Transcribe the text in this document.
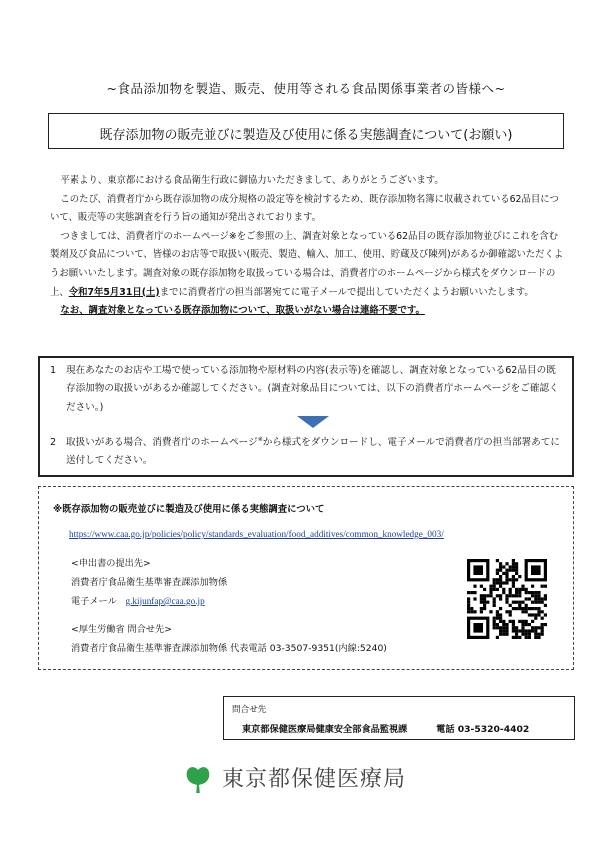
~食品添加物を製造、販売、使用等される食品関係事業者の皆様へ~
既存添加物の販売並びに製造及び使用に係る実態調査について(お願い)

平素より、東京都における食品衛生行政に御協力いただきまして、ありがとうございます。

このたび、消費者庁から既存添加物の成分規格の設定等を検討するため、既存添加物名簿に収載されている62品目について、販売等の実態調査を行う旨の通知が発出されております。

つきましては、消費者庁のホームページ※をご参照の上、調査対象となっている62品目の既存添加物並びにこれを含む製剤及び食品について、皆様のお店等で取扱い(販売、製造、輸入、加工、使用、貯蔵及び陳列)があるか御確認いただくようお願いいたします。調査対象の既存添加物を取扱っている場合は、消費者庁のホームページから様式をダウンロードの上、令和7年5月31日(土)までに消費者庁の担当部署宛てに電子メールで提出していただくようお願いいたします。

なお、調査対象となっている既存添加物について、取扱いがない場合は連絡不要です。

1 現在あなたのお店や工場で使っている添加物や原材料の内容(表示等)を確認し、調査対象となっている62品目の既存添加物の取扱いがあるか確認してください。(調査対象品目については、以下の消費者庁ホームページをご確認ください。)
2 取扱いがある場合、消費者庁のホームページ※から様式をダウンロードし、電子メールで消費者庁の担当部署あてに送付してください。
※既存添加物の販売並びに製造及び使用に係る実態調査について
https://www.caa.go.jp/policies/policy/standards_evaluation/food_additives/common_knowledge_003/
<申出書の提出先>
消費者庁食品衛生基準審査課添加物係
電子メール g.kijunfap@caa.go.jp
<厚生労働省 問合せ先>
消費者庁食品衛生基準審査課添加物係 代表電話 03-3507-9351(内線:5240)
問合せ先
東京都保健医療局健康安全部食品監視課	電話 03-5320-4402
東京都保健医療局
